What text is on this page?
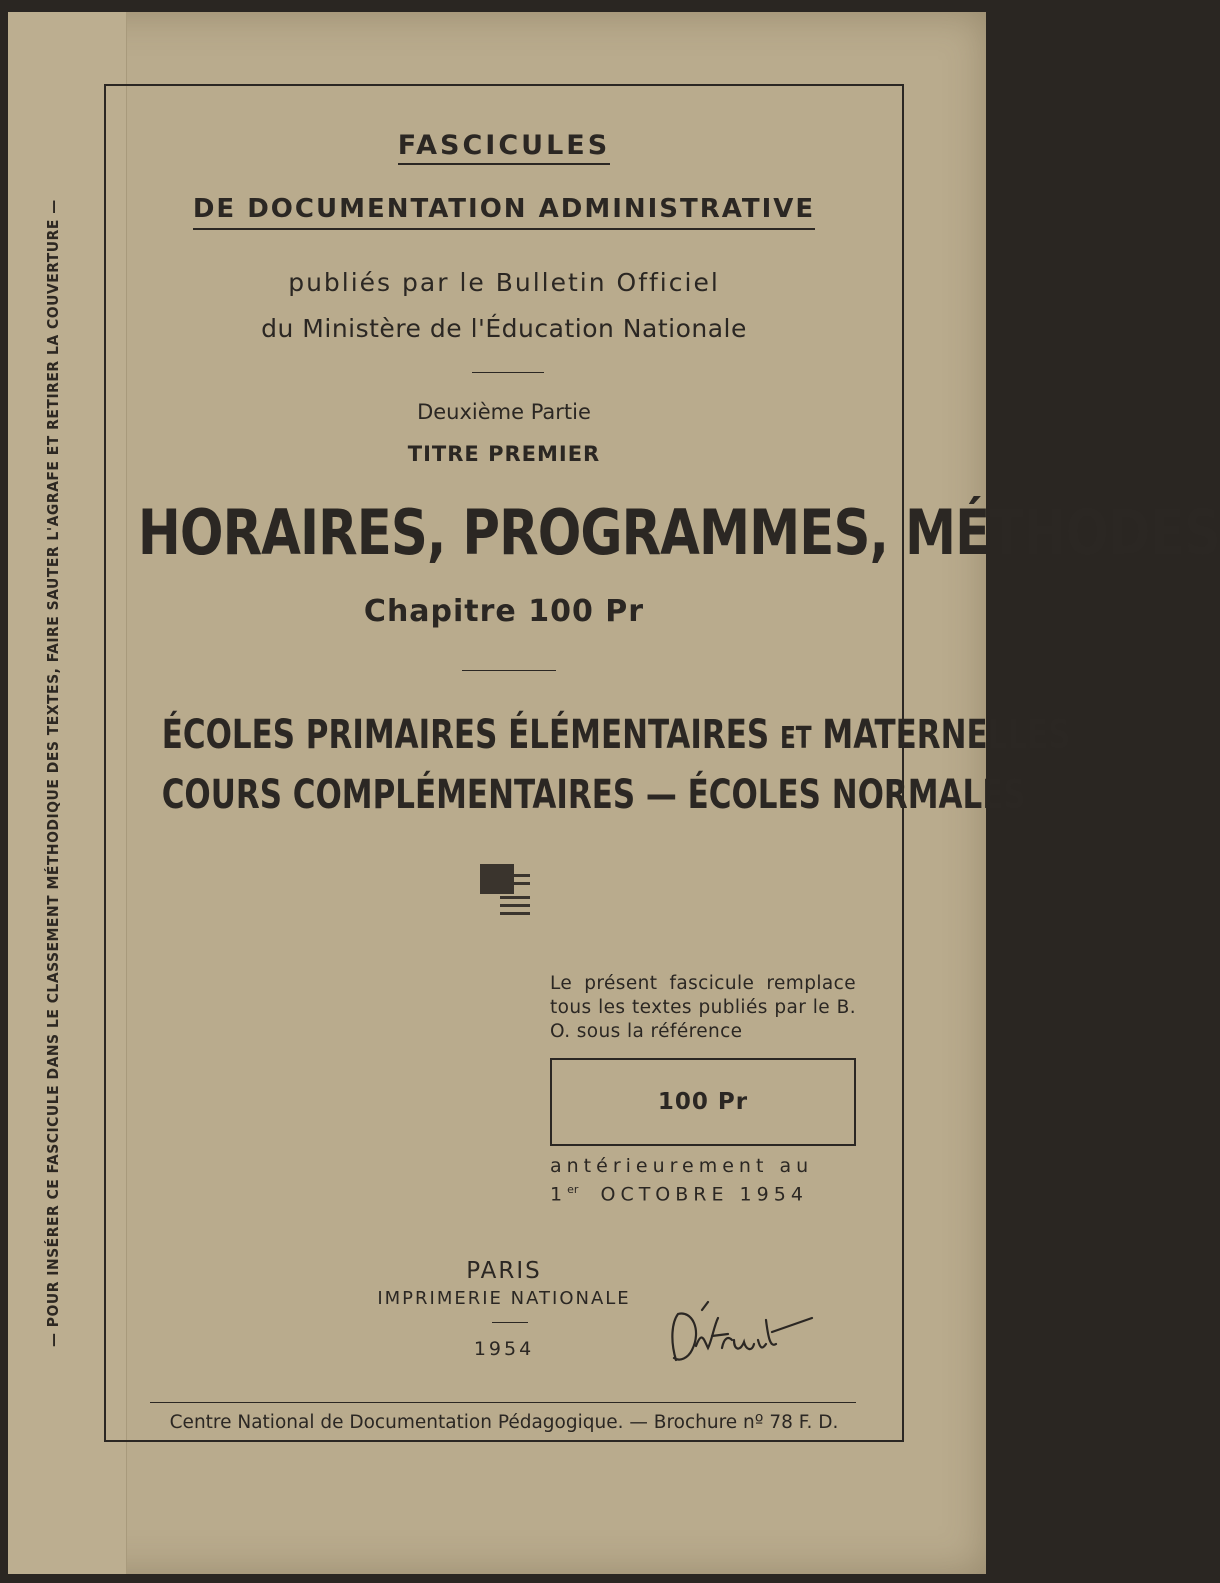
— POUR INSÉRER CE FASCICULE DANS LE CLASSEMENT MÉTHODIQUE DES TEXTES, FAIRE SAUTER L'AGRAFE ET RETIRER LA COUVERTURE —
FASCICULES
DE DOCUMENTATION ADMINISTRATIVE
publiés par le Bulletin Officiel
du Ministère de l'Éducation Nationale
Deuxième Partie
TITRE PREMIER
HORAIRES, PROGRAMMES, MÉTHODES
Chapitre 100 Pr
ÉCOLES PRIMAIRES ÉLÉMENTAIRES ET MATERNELLES
COURS COMPLÉMENTAIRES — ÉCOLES NORMALES
Le présent fascicule remplace tous les textes publiés par le B. O. sous la référence
100 Pr
antérieurement au
1er OCTOBRE 1954
PARIS
IMPRIMERIE NATIONALE
1954
Centre National de Documentation Pédagogique. — Brochure nº 78 F. D.
